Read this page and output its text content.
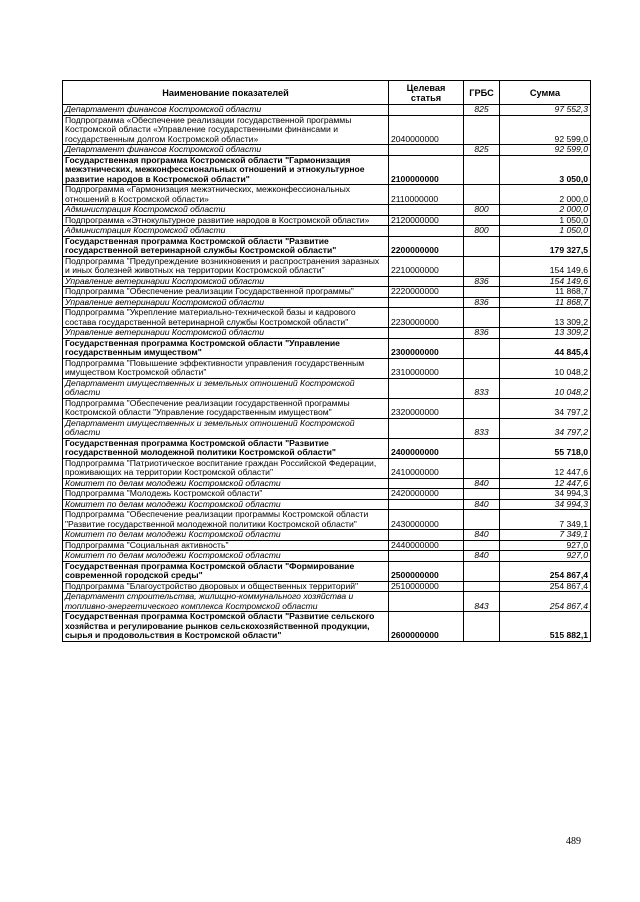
Наименование показателей	Целевая статья	ГРБС	Сумма
Департамент финансов Костромской области		825	97 552,3
Подпрограмма «Обеспечение реализации государственной программы Костромской области «Управление государственными финансами и государственным долгом Костромской области»	2040000000		92 599,0
Департамент финансов Костромской области		825	92 599,0
Государственная программа Костромской области "Гармонизация межэтнических, межконфессиональных отношений и этнокультурное развитие народов в Костромской области"	2100000000		3 050,0
Подпрограмма «Гармонизация межэтнических, межконфессиональных отношений в Костромской области»	2110000000		2 000,0
Администрация Костромской области		800	2 000,0
Подпрограмма «Этнокультурное развитие народов в Костромской области»	2120000000		1 050,0
Администрация Костромской области		800	1 050,0
Государственная программа Костромской области "Развитие государственной ветеринарной службы Костромской области"	2200000000		179 327,5
Подпрограмма "Предупреждение возникновения и распространения заразных и иных болезней животных на территории Костромской области"	2210000000		154 149,6
Управление ветеринарии Костромской области		836	154 149,6
Подпрограмма "Обеспечение реализации Государственной программы"	2220000000		11 868,7
Управление ветеринарии Костромской области		836	11 868,7
Подпрограмма "Укрепление материально-технической базы и кадрового состава государственной ветеринарной службы Костромской области"	2230000000		13 309,2
Управление ветеринарии Костромской области		836	13 309,2
Государственная программа Костромской области "Управление государственным имуществом"	2300000000		44 845,4
Подпрограмма "Повышение эффективности управления государственным имуществом Костромской области"	2310000000		10 048,2
Департамент имущественных и земельных отношений Костромской области		833	10 048,2
Подпрограмма "Обеспечение реализации государственной программы Костромской области "Управление государственным имуществом"	2320000000		34 797,2
Департамент имущественных и земельных отношений Костромской области		833	34 797,2
Государственная программа Костромской области "Развитие государственной молодежной политики Костромской области"	2400000000		55 718,0
Подпрограмма "Патриотическое воспитание граждан Российской Федерации, проживающих на территории Костромской области"	2410000000		12 447,6
Комитет по делам молодежи Костромской области		840	12 447,6
Подпрограмма "Молодежь Костромской области"	2420000000		34 994,3
Комитет по делам молодежи Костромской области		840	34 994,3
Подпрограмма "Обеспечение реализации программы Костромской области "Развитие государственной молодежной политики Костромской области"	2430000000		7 349,1
Комитет по делам молодежи Костромской области		840	7 349,1
Подпрограмма "Социальная активность"	2440000000		927,0
Комитет по делам молодежи Костромской области		840	927,0
Государственная программа Костромской области "Формирование современной городской среды"	2500000000		254 867,4
Подпрограмма "Благоустройство дворовых и общественных территорий"	2510000000		254 867,4
Департамент строительства, жилищно-коммунального хозяйства и топливно-энергетического комплекса Костромской области		843	254 867,4
Государственная программа Костромской области "Развитие сельского хозяйства и регулирование рынков сельскохозяйственной продукции, сырья и продовольствия в Костромской области"	2600000000		515 882,1
489
